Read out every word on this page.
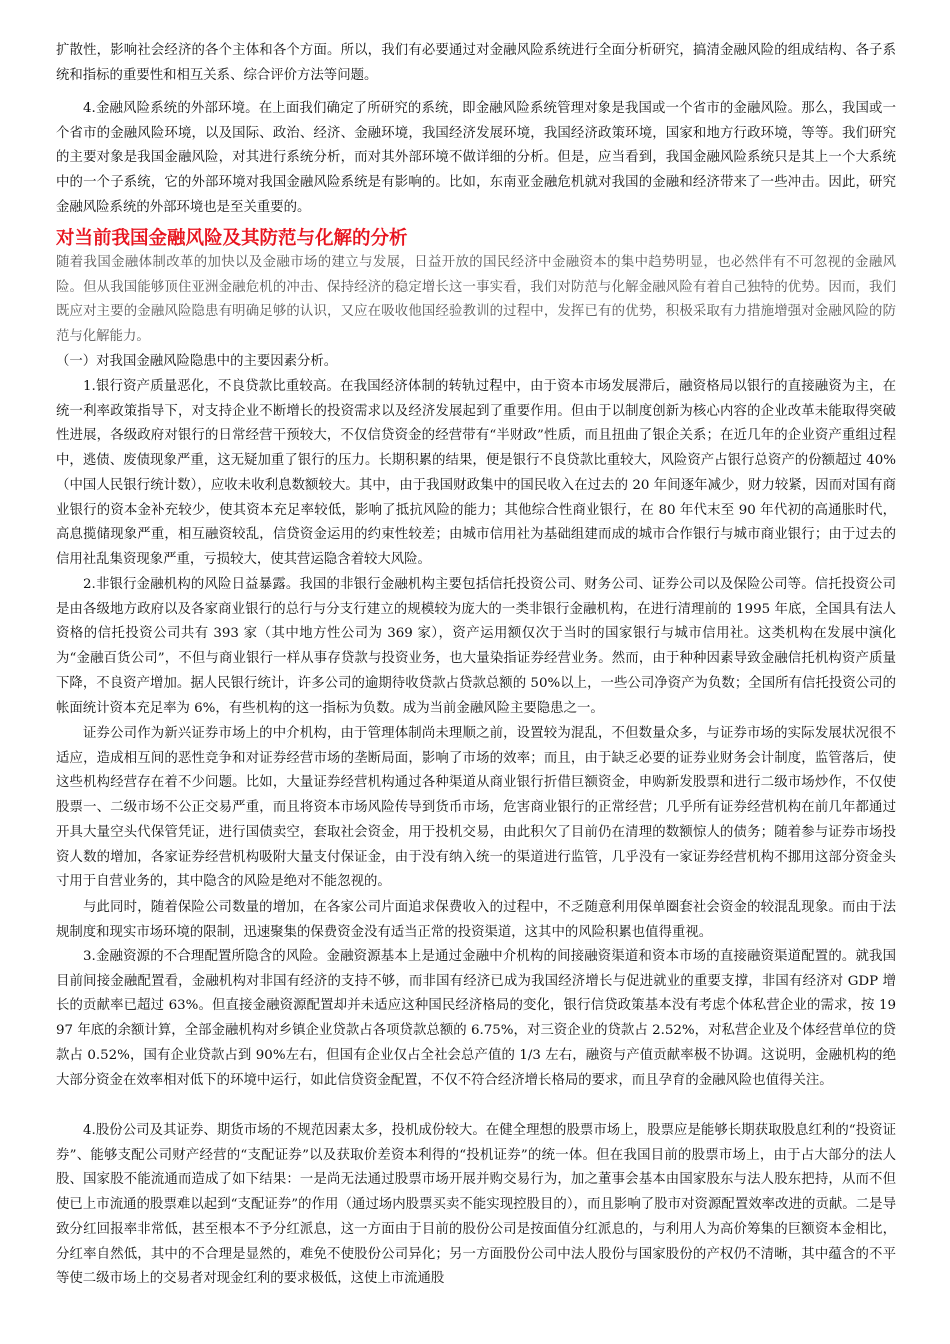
扩散性，影响社会经济的各个主体和各个方面。所以，我们有必要通过对金融风险系统进行全面分析研究，搞清金融风险的组成结构、各子系统和指标的重要性和相互关系、综合评价方法等问题。

4.金融风险系统的外部环境。在上面我们确定了所研究的系统，即金融风险系统管理对象是我国或一个省市的金融风险。那么，我国或一个省市的金融风险环境，以及国际、政治、经济、金融环境，我国经济发展环境，我国经济政策环境，国家和地方行政环境，等等。我们研究的主要对象是我国金融风险，对其进行系统分析，而对其外部环境不做详细的分析。但是，应当看到，我国金融风险系统只是其上一个大系统中的一个子系统，它的外部环境对我国金融风险系统是有影响的。比如，东南亚金融危机就对我国的金融和经济带来了一些冲击。因此，研究金融风险系统的外部环境也是至关重要的。

对当前我国金融风险及其防范与化解的分析

随着我国金融体制改革的加快以及金融市场的建立与发展，日益开放的国民经济中金融资本的集中趋势明显，也必然伴有不可忽视的金融风险。但从我国能够顶住亚洲金融危机的冲击、保持经济的稳定增长这一事实看，我们对防范与化解金融风险有着自己独特的优势。因而，我们既应对主要的金融风险隐患有明确足够的认识，又应在吸收他国经验教训的过程中，发挥已有的优势，积极采取有力措施增强对金融风险的防范与化解能力。

（一）对我国金融风险隐患中的主要因素分析。

1.银行资产质量恶化，不良贷款比重较高。在我国经济体制的转轨过程中，由于资本市场发展滞后，融资格局以银行的直接融资为主，在统一利率政策指导下，对支持企业不断增长的投资需求以及经济发展起到了重要作用。但由于以制度创新为核心内容的企业改革未能取得突破性进展，各级政府对银行的日常经营干预较大，不仅信贷资金的经营带有“半财政”性质，而且扭曲了银企关系；在近几年的企业资产重组过程中，逃债、废债现象严重，这无疑加重了银行的压力。长期积累的结果，便是银行不良贷款比重较大，风险资产占银行总资产的份额超过 40%（中国人民银行统计数），应收未收利息数额较大。其中，由于我国财政集中的国民收入在过去的 20 年间逐年减少，财力较紧，因而对国有商业银行的资本金补充较少，使其资本充足率较低，影响了抵抗风险的能力；其他综合性商业银行，在 80 年代末至 90 年代初的高通胀时代，高息揽储现象严重，相互融资较乱，信贷资金运用的约束性较差；由城市信用社为基础组建而成的城市合作银行与城市商业银行；由于过去的信用社乱集资现象严重，亏损较大，使其营运隐含着较大风险。

2.非银行金融机构的风险日益暴露。我国的非银行金融机构主要包括信托投资公司、财务公司、证券公司以及保险公司等。信托投资公司是由各级地方政府以及各家商业银行的总行与分支行建立的规模较为庞大的一类非银行金融机构，在进行清理前的 1995 年底，全国具有法人资格的信托投资公司共有 393 家（其中地方性公司为 369 家），资产运用额仅次于当时的国家银行与城市信用社。这类机构在发展中演化为“金融百货公司”，不但与商业银行一样从事存贷款与投资业务，也大量染指证券经营业务。然而，由于种种因素导致金融信托机构资产质量下降，不良资产增加。据人民银行统计，许多公司的逾期待收贷款占贷款总额的 50%以上，一些公司净资产为负数；全国所有信托投资公司的帐面统计资本充足率为 6%，有些机构的这一指标为负数。成为当前金融风险主要隐患之一。

证券公司作为新兴证券市场上的中介机构，由于管理体制尚未理顺之前，设置较为混乱，不但数量众多，与证券市场的实际发展状况很不适应，造成相互间的恶性竞争和对证券经营市场的垄断局面，影响了市场的效率；而且，由于缺乏必要的证券业财务会计制度，监管落后，使这些机构经营存在着不少问题。比如，大量证券经营机构通过各种渠道从商业银行折借巨额资金，申购新发股票和进行二级市场炒作，不仅使股票一、二级市场不公正交易严重，而且将资本市场风险传导到货币市场，危害商业银行的正常经营；几乎所有证券经营机构在前几年都通过开具大量空头代保管凭证，进行国债卖空，套取社会资金，用于投机交易，由此积欠了目前仍在清理的数额惊人的债务；随着参与证券市场投资人数的增加，各家证券经营机构吸附大量支付保证金，由于没有纳入统一的渠道进行监管，几乎没有一家证券经营机构不挪用这部分资金头寸用于自营业务的，其中隐含的风险是绝对不能忽视的。

与此同时，随着保险公司数量的增加，在各家公司片面追求保费收入的过程中，不乏随意利用保单圈套社会资金的较混乱现象。而由于法规制度和现实市场环境的限制，迅速聚集的保费资金没有适当正常的投资渠道，这其中的风险积累也值得重视。

3.金融资源的不合理配置所隐含的风险。金融资源基本上是通过金融中介机构的间接融资渠道和资本市场的直接融资渠道配置的。就我国目前间接金融配置看，金融机构对非国有经济的支持不够，而非国有经济已成为我国经济增长与促进就业的重要支撑，非国有经济对 GDP 增长的贡献率已超过 63%。但直接金融资源配置却并未适应这种国民经济格局的变化，银行信贷政策基本没有考虑个体私营企业的需求，按 1997 年底的余额计算，全部金融机构对乡镇企业贷款占各项贷款总额的 6.75%，对三资企业的贷款占 2.52%，对私营企业及个体经营单位的贷款占 0.52%，国有企业贷款占到 90%左右，但国有企业仅占全社会总产值的 1/3 左右，融资与产值贡献率极不协调。这说明，金融机构的绝大部分资金在效率相对低下的环境中运行，如此信贷资金配置，不仅不符合经济增长格局的要求，而且孕育的金融风险也值得关注。

4.股份公司及其证券、期货市场的不规范因素太多，投机成份较大。在健全理想的股票市场上，股票应是能够长期获取股息红利的“投资证券”、能够支配公司财产经营的“支配证券”以及获取价差资本利得的“投机证券”的统一体。但在我国目前的股票市场上，由于占大部分的法人股、国家股不能流通而造成了如下结果：一是尚无法通过股票市场开展并购交易行为，加之董事会基本由国家股东与法人股东把持，从而不但使已上市流通的股票难以起到“支配证券”的作用（通过场内股票买卖不能实现控股目的），而且影响了股市对资源配置效率改进的贡献。二是导致分红回报率非常低，甚至根本不予分红派息，这一方面由于目前的股份公司是按面值分红派息的，与利用人为高价筹集的巨额资本金相比，分红率自然低，其中的不合理是显然的，难免不使股份公司异化；另一方面股份公司中法人股份与国家股份的产权仍不清晰，其中蕴含的不平等使二级市场上的交易者对现金红利的要求极低，这使上市流通股
